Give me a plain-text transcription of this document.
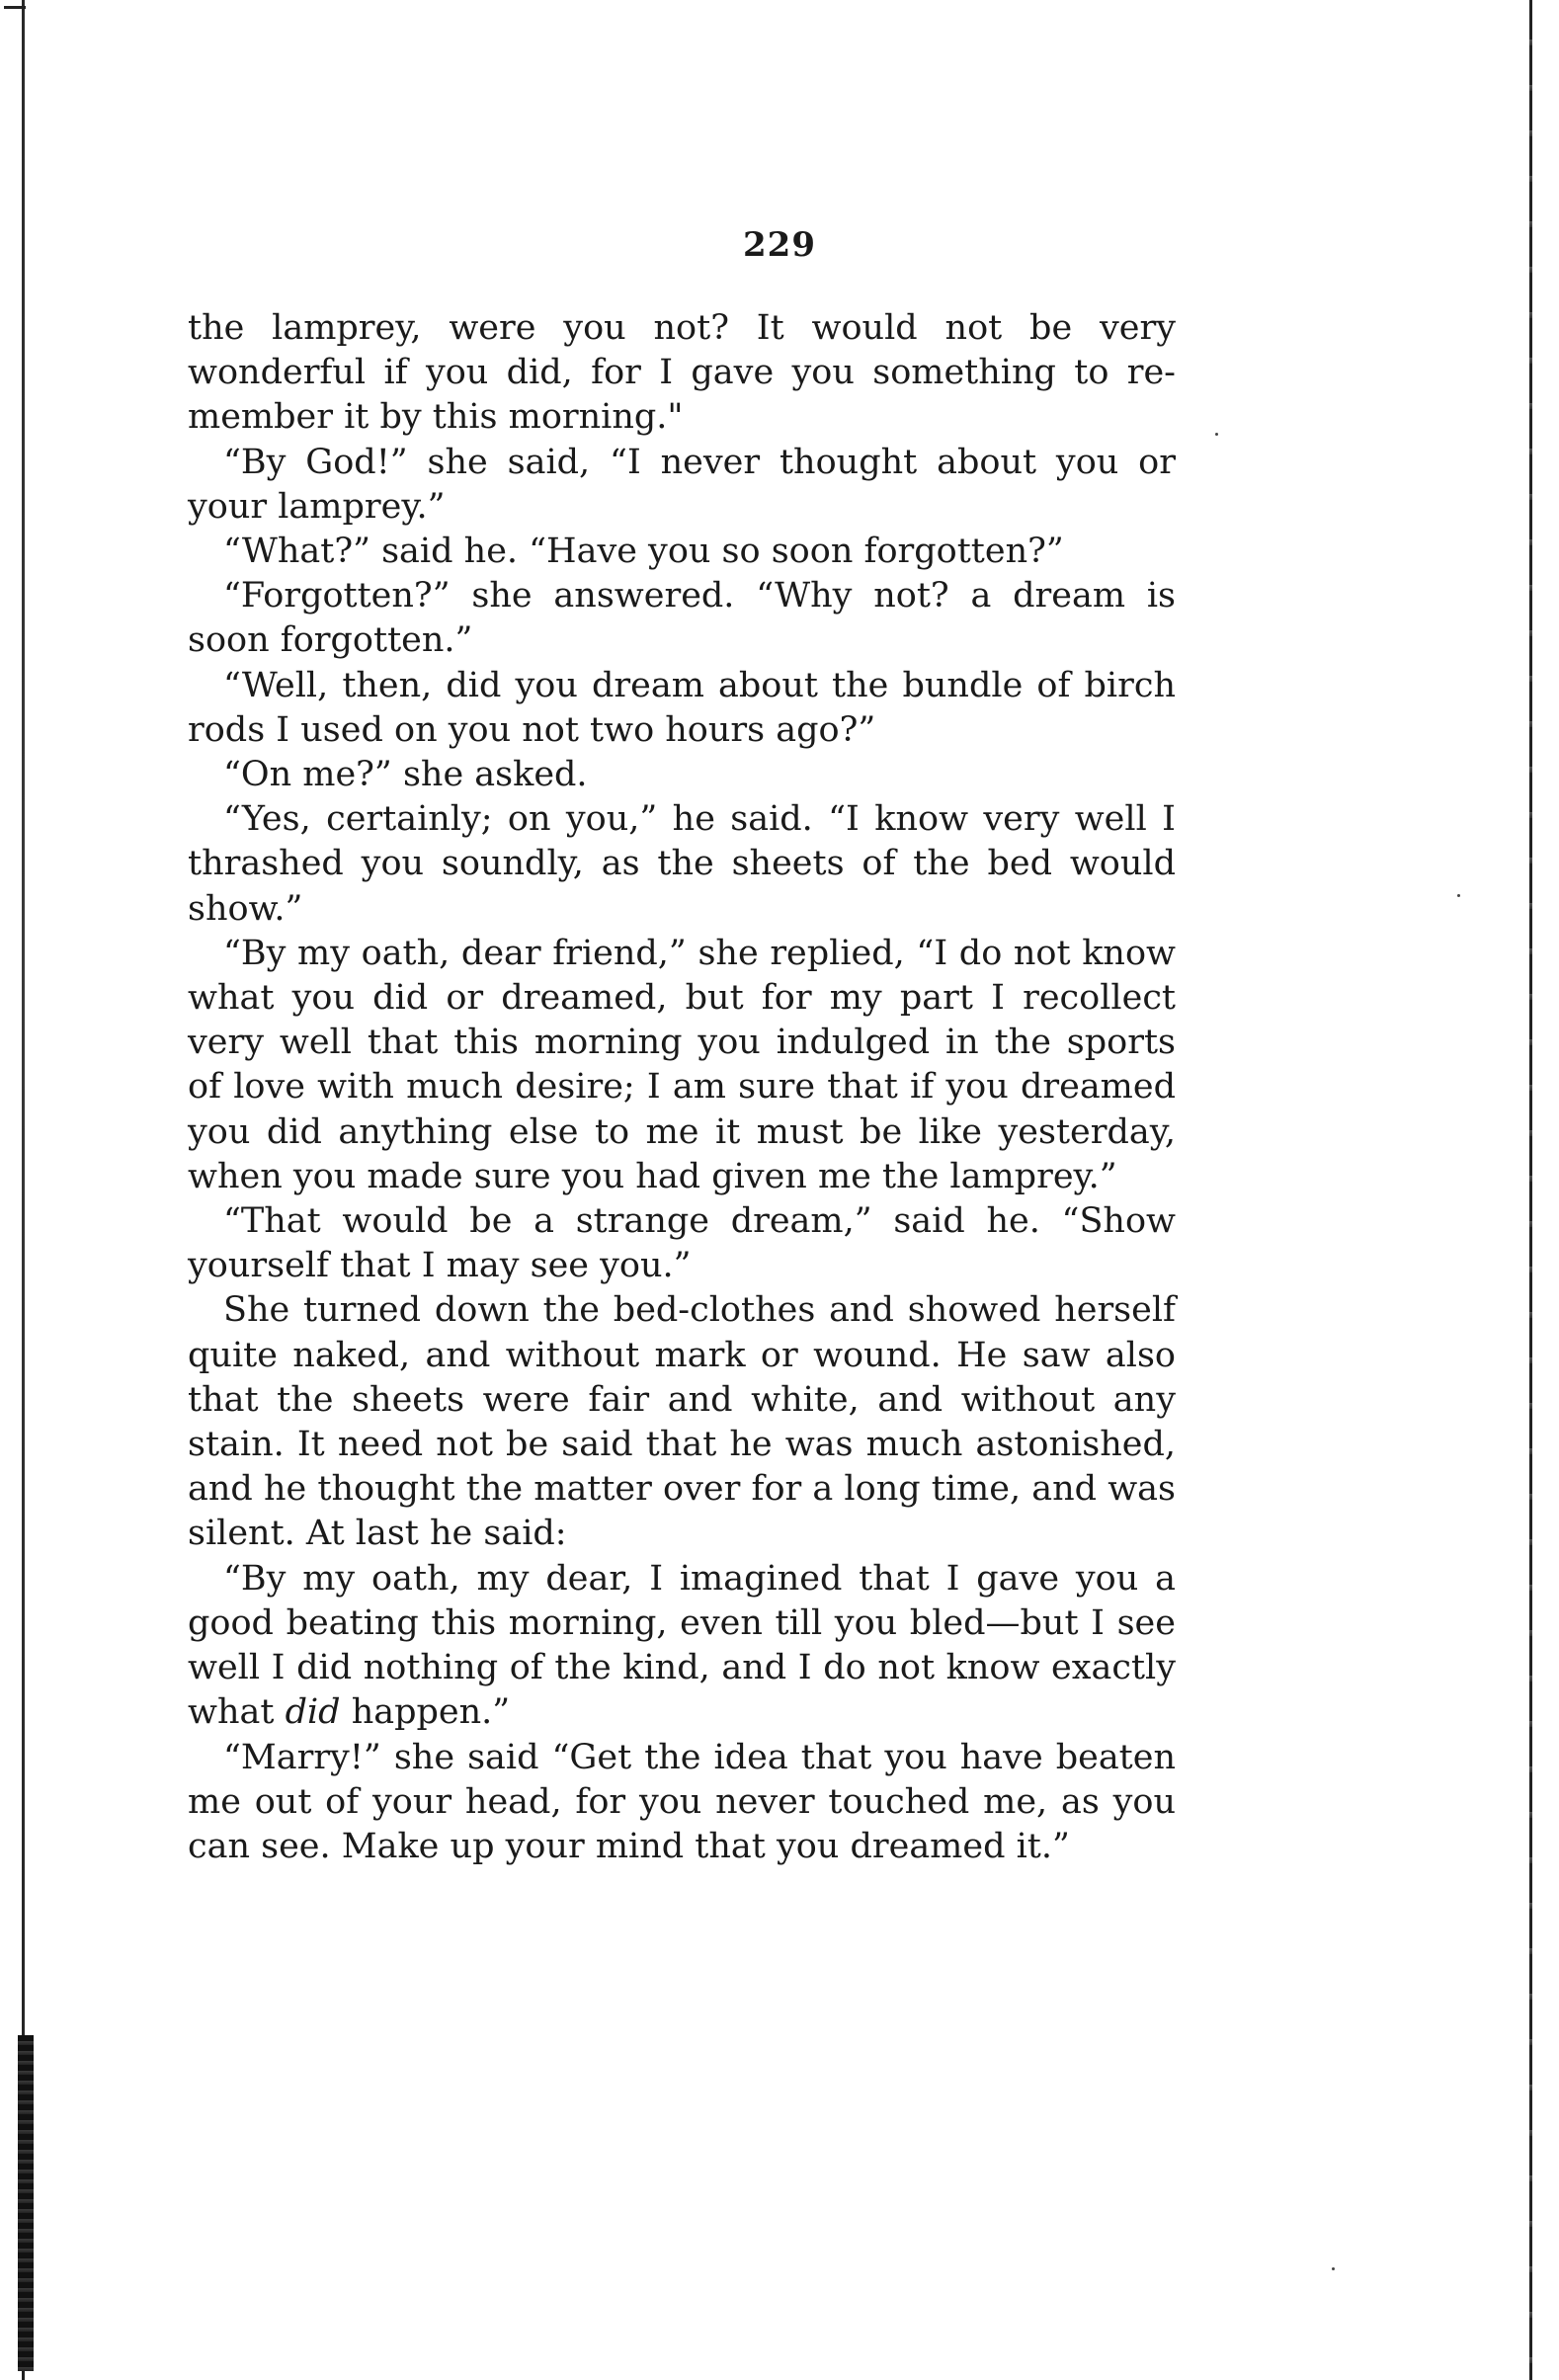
229

the lamprey, were you not? It would not be very wonderful if you did, for I gave you something to re- member it by this morning."

“By God!” she said, “I never thought about you or your lamprey.”

“What?” said he. “Have you so soon forgotten?”

“Forgotten?” she answered. “Why not? a dream is soon forgotten.”

“Well, then, did you dream about the bundle of birch rods I used on you not two hours ago?”

“On me?” she asked.

“Yes, certainly; on you,” he said. “I know very well I thrashed you soundly, as the sheets of the bed would show.”

“By my oath, dear friend,” she replied, “I do not know what you did or dreamed, but for my part I recollect very well that this morning you indulged in the sports of love with much desire; I am sure that if you dreamed you did anything else to me it must be like yesterday, when you made sure you had given me the lamprey.”

“That would be a strange dream,” said he. “Show yourself that I may see you.”

She turned down the bed-clothes and showed herself quite naked, and without mark or wound. He saw also that the sheets were fair and white, and without any stain. It need not be said that he was much astonished, and he thought the matter over for a long time, and was silent. At last he said:

“By my oath, my dear, I imagined that I gave you a good beating this morning, even till you bled—but I see well I did nothing of the kind, and I do not know exactly what did happen.”

“Marry!” she said “Get the idea that you have beaten me out of your head, for you never touched me, as you can see. Make up your mind that you dreamed it.”
